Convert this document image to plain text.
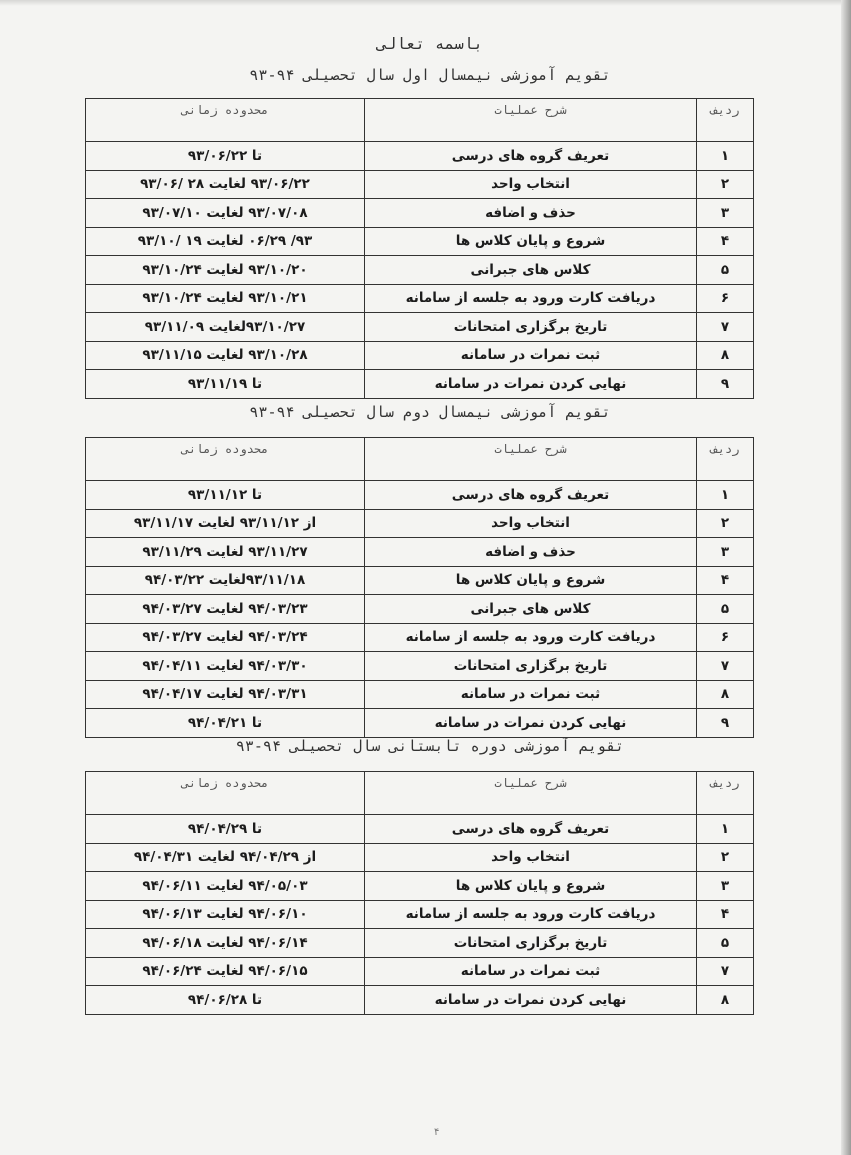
باسمه تعالی
تقویم آموزشی نیمسال اول سال تحصیلی ۹۴-۹۳
ردیف	شرح عملیات	محدوده زمانی
۱	تعریف گروه های درسی	تا ۹۳/۰۶/۲۲
۲	انتخاب واحد	۹۳/۰۶/۲۲ لغایت ۲۸ /۹۳/۰۶
۳	حذف و اضافه	۹۳/۰۷/۰۸ لغایت ۹۳/۰۷/۱۰
۴	شروع و پایان کلاس ها	۹۳/ ۰۶/۲۹ لغایت ۱۹ /۹۳/۱۰
۵	کلاس های جبرانی	۹۳/۱۰/۲۰ لغایت ۹۳/۱۰/۲۴
۶	دریافت کارت ورود به جلسه از سامانه	۹۳/۱۰/۲۱ لغایت ۹۳/۱۰/۲۴
۷	تاریخ برگزاری امتحانات	۹۳/۱۰/۲۷لغایت ۹۳/۱۱/۰۹
۸	ثبت نمرات در سامانه	۹۳/۱۰/۲۸ لغایت ۹۳/۱۱/۱۵
۹	نهایی کردن نمرات در سامانه	تا ۹۳/۱۱/۱۹
تقویم آموزشی نیمسال دوم سال تحصیلی ۹۴-۹۳
ردیف	شرح عملیات	محدوده زمانی
۱	تعریف گروه های درسی	تا ۹۳/۱۱/۱۲
۲	انتخاب واحد	از ۹۳/۱۱/۱۲ لغایت ۹۳/۱۱/۱۷
۳	حذف و اضافه	۹۳/۱۱/۲۷ لغایت ۹۳/۱۱/۲۹
۴	شروع و پایان کلاس ها	۹۳/۱۱/۱۸لغایت ۹۴/۰۳/۲۲
۵	کلاس های جبرانی	۹۴/۰۳/۲۳ لغایت ۹۴/۰۳/۲۷
۶	دریافت کارت ورود به جلسه از سامانه	۹۴/۰۳/۲۴ لغایت ۹۴/۰۳/۲۷
۷	تاریخ برگزاری امتحانات	۹۴/۰۳/۳۰ لغایت ۹۴/۰۴/۱۱
۸	ثبت نمرات در سامانه	۹۴/۰۳/۳۱ لغایت ۹۴/۰۴/۱۷
۹	نهایی کردن نمرات در سامانه	تا ۹۴/۰۴/۲۱
تقویم آموزشی دوره تابستانی سال تحصیلی ۹۴-۹۳
ردیف	شرح عملیات	محدوده زمانی
۱	تعریف گروه های درسی	تا ۹۴/۰۴/۲۹
۲	انتخاب واحد	از ۹۴/۰۴/۲۹ لغایت ۹۴/۰۴/۳۱
۳	شروع و پایان کلاس ها	۹۴/۰۵/۰۳ لغایت ۹۴/۰۶/۱۱
۴	دریافت کارت ورود به جلسه از سامانه	۹۴/۰۶/۱۰ لغایت ۹۴/۰۶/۱۳
۵	تاریخ برگزاری امتحانات	۹۴/۰۶/۱۴ لغایت ۹۴/۰۶/۱۸
۷	ثبت نمرات در سامانه	۹۴/۰۶/۱۵ لغایت ۹۴/۰۶/۲۴
۸	نهایی کردن نمرات در سامانه	تا ۹۴/۰۶/۲۸
۴
